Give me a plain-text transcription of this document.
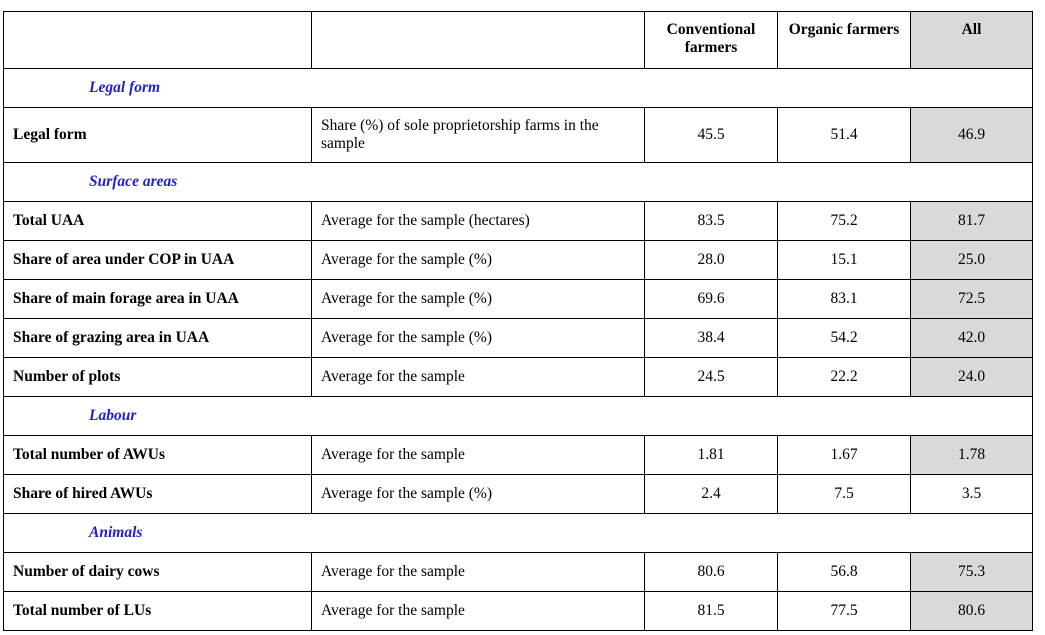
		Conventional farmers	Organic farmers	All
Legal form				
Legal form	Share (%) of sole proprietorship farms in the sample	45.5	51.4	46.9
Surface areas				
Total UAA	Average for the sample (hectares)	83.5	75.2	81.7
Share of area under COP in UAA	Average for the sample (%)	28.0	15.1	25.0
Share of main forage area in UAA	Average for the sample (%)	69.6	83.1	72.5
Share of grazing area in UAA	Average for the sample (%)	38.4	54.2	42.0
Number of plots	Average for the sample	24.5	22.2	24.0
Labour				
Total number of AWUs	Average for the sample	1.81	1.67	1.78
Share of hired AWUs	Average for the sample (%)	2.4	7.5	3.5
Animals				
Number of dairy cows	Average for the sample	80.6	56.8	75.3
Total number of LUs	Average for the sample	81.5	77.5	80.6
